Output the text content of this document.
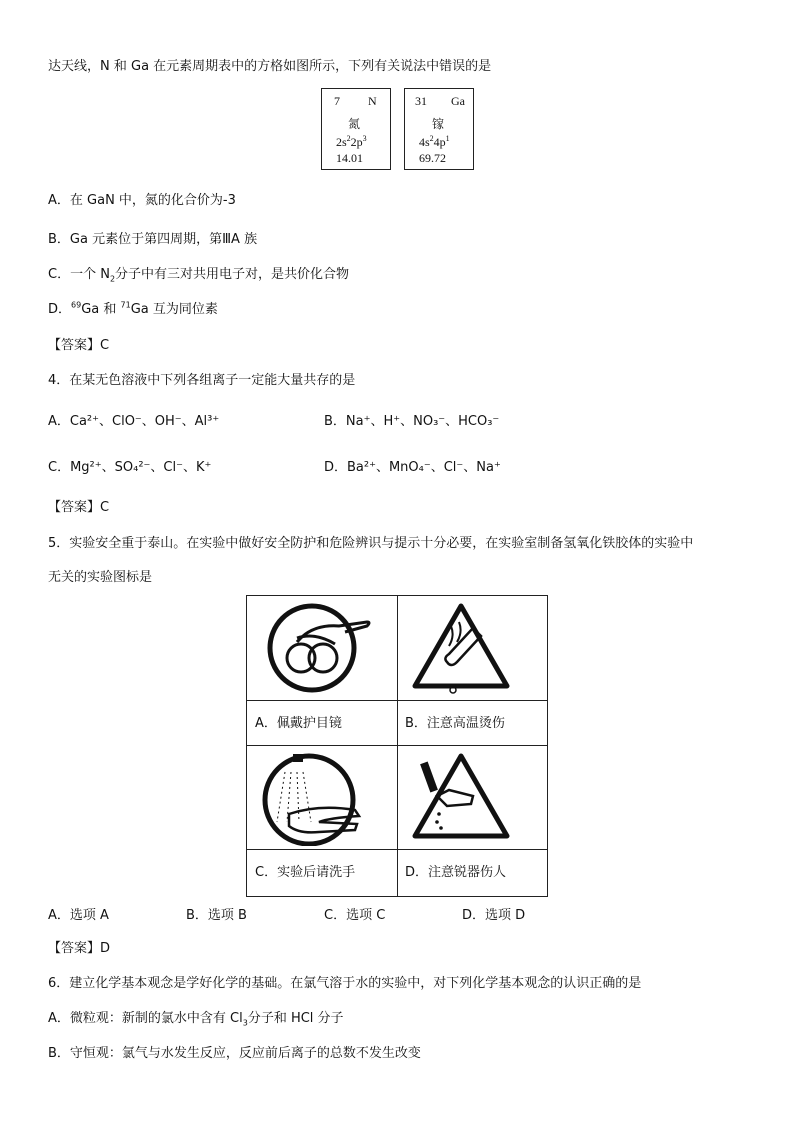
达天线，N 和 Ga 在元素周期表中的方格如图所示，下列有关说法中错误的是
7 N
氮
$2s^22p^3$
14.01
31 Ga
镓
$4s^24p^1$
69.72
A．在 GaN 中，氮的化合价为-3
B．Ga 元素位于第四周期，第ⅢA 族
C．一个 $N_2$分子中有三对共用电子对，是共价化合物
D．$^{69}$Ga 和 $^{71}$Ga 互为同位素
【答案】C
4．在某无色溶液中下列各组离子一定能大量共存的是
A．Ca²⁺、ClO⁻、OH⁻、Al³⁺	B．Na⁺、H⁺、NO₃⁻、HCO₃⁻
C．Mg²⁺、SO₄²⁻、Cl⁻、K⁺	D．Ba²⁺、MnO₄⁻、Cl⁻、Na⁺
【答案】C
5．实验安全重于泰山。在实验中做好安全防护和危险辨识与提示十分必要，在实验室制备氢氧化铁胶体的实验中
无关的实验图标是
A．佩戴护目镜	B．注意高温烫伤
C．实验后请洗手	D．注意锐器伤人
A．选项 A	B．选项 B	C．选项 C	D．选项 D
【答案】D
6．建立化学基本观念是学好化学的基础。在氯气溶于水的实验中，对下列化学基本观念的认识正确的是
A．微粒观：新制的氯水中含有 $Cl_3$分子和 HCl 分子
B．守恒观：氯气与水发生反应，反应前后离子的总数不发生改变
